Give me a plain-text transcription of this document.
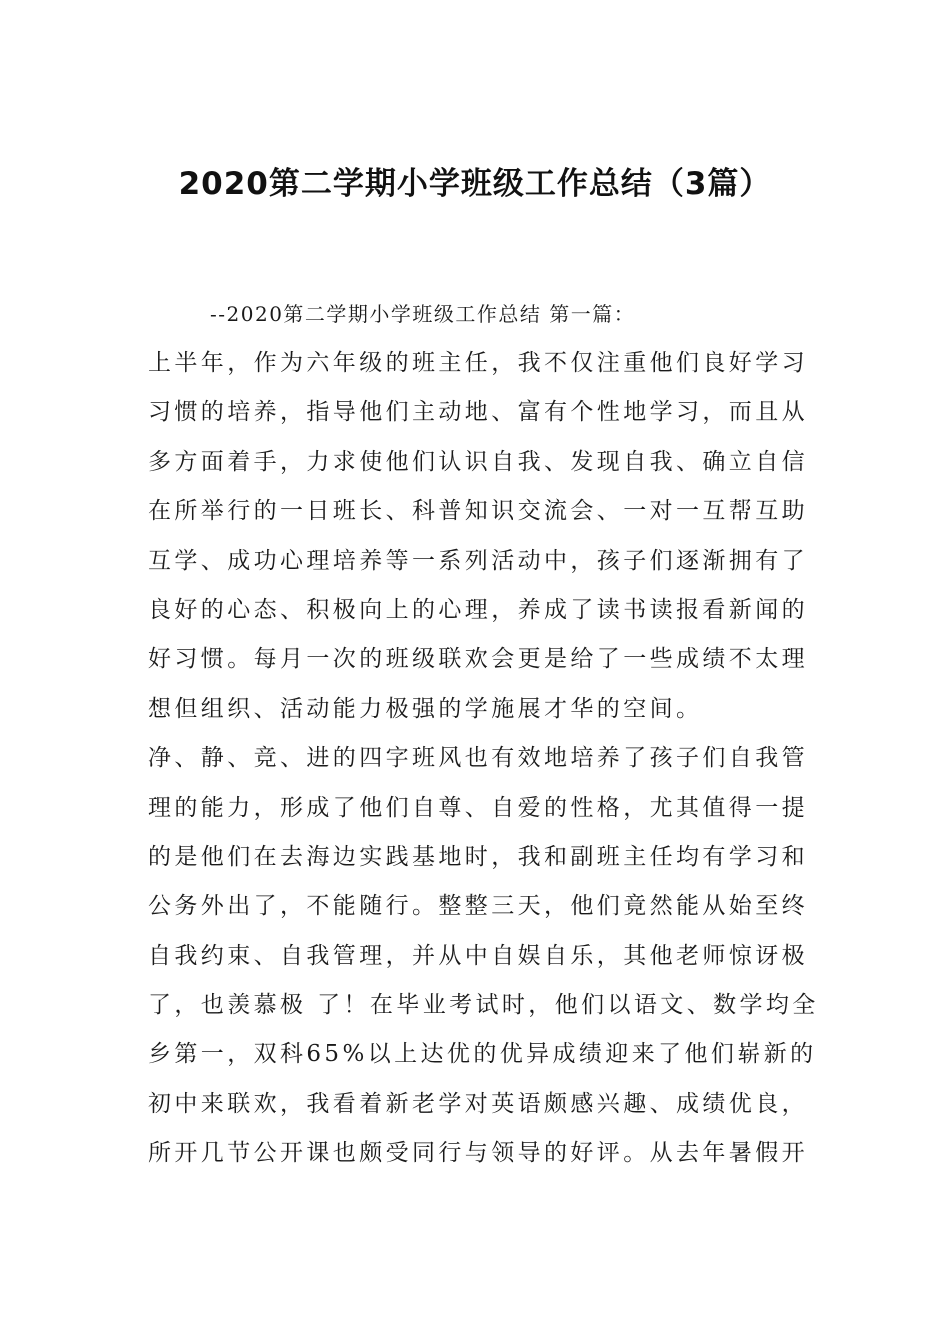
2020第二学期小学班级工作总结（3篇）
--2020第二学期小学班级工作总结 第一篇：
上半年，作为六年级的班主任，我不仅注重他们良好学习
习惯的培养，指导他们主动地、富有个性地学习，而且从
多方面着手，力求使他们认识自我、发现自我、确立自信
在所举行的一日班长、科普知识交流会、一对一互帮互助
互学、成功心理培养等一系列活动中，孩子们逐渐拥有了
良好的心态、积极向上的心理，养成了读书读报看新闻的
好习惯。每月一次的班级联欢会更是给了一些成绩不太理
想但组织、活动能力极强的学施展才华的空间。
净、静、竞、进的四字班风也有效地培养了孩子们自我管
理的能力，形成了他们自尊、自爱的性格，尤其值得一提
的是他们在去海边实践基地时，我和副班主任均有学习和
公务外出了，不能随行。整整三天，他们竟然能从始至终
自我约束、自我管理，并从中自娱自乐，其他老师惊讶极
了，也羡慕极 了！在毕业考试时，他们以语文、数学均全
乡第一，双科65%以上达优的优异成绩迎来了他们崭新的
初中来联欢，我看着新老学对英语颇感兴趣、成绩优良，
所开几节公开课也颇受同行与领导的好评。从去年暑假开
